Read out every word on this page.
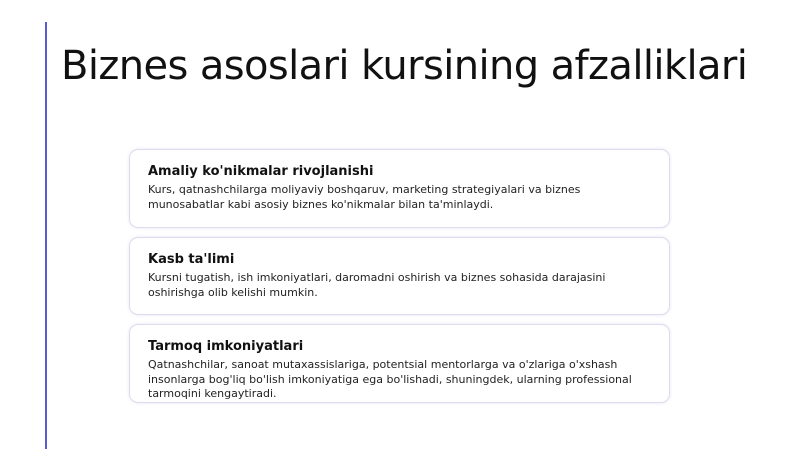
Biznes asoslari kursining afzalliklari

Amaliy ko'nikmalar rivojlanishi

Kurs, qatnashchilarga moliyaviy boshqaruv, marketing strategiyalari va biznes munosabatlar kabi asosiy biznes ko'nikmalar bilan ta'minlaydi.

Kasb ta'limi

Kursni tugatish, ish imkoniyatlari, daromadni oshirish va biznes sohasida darajasini oshirishga olib kelishi mumkin.

Tarmoq imkoniyatlari

Qatnashchilar, sanoat mutaxassislariga, potentsial mentorlarga va o'zlariga o'xshash insonlarga bog'liq bo'lish imkoniyatiga ega bo'lishadi, shuningdek, ularning professional tarmoqini kengaytiradi.
